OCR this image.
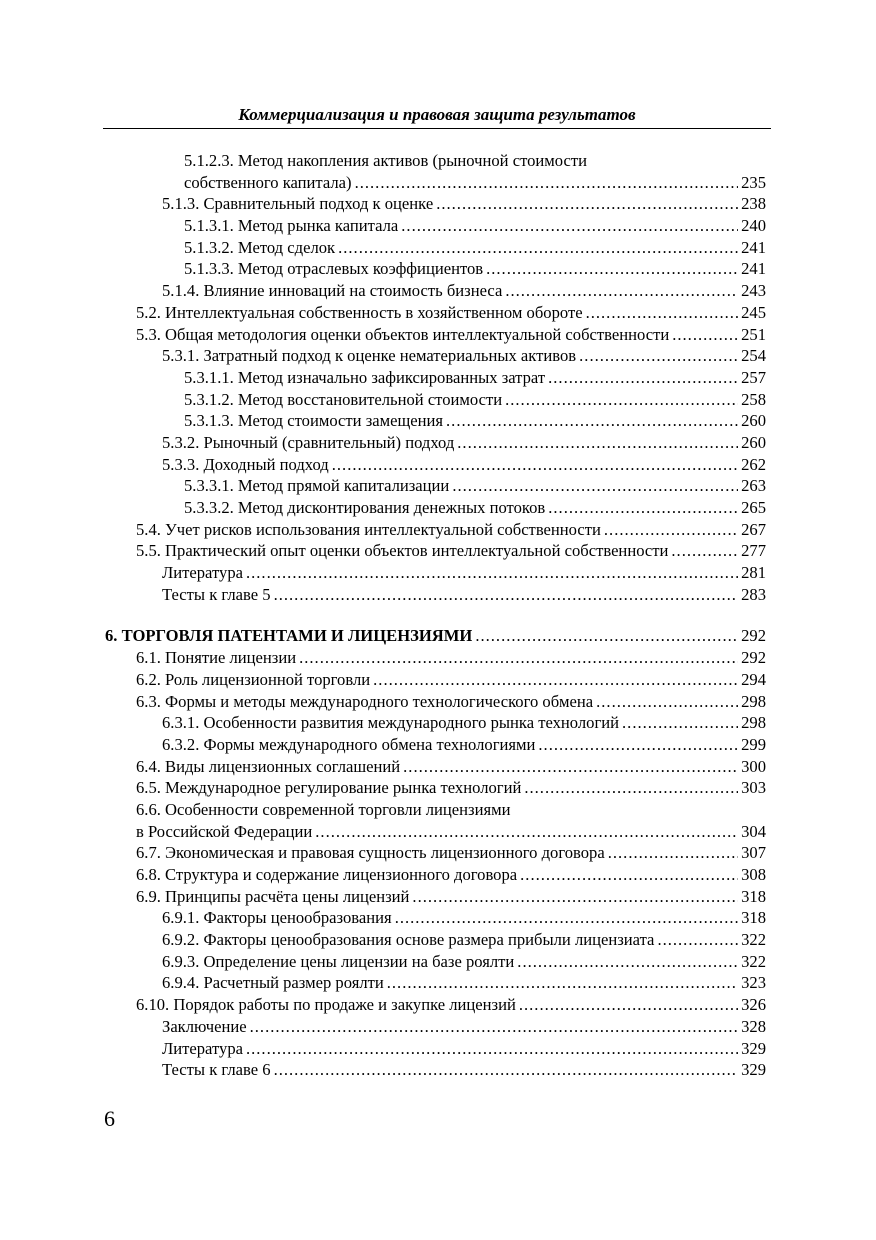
Коммерциализация и правовая защита результатов
5.1.2.3. Метод накопления активов (рыночной стоимости
собственного капитала) .....	235
5.1.3. Сравнительный подход к оценке .....	238
5.1.3.1. Метод рынка капитала .....	240
5.1.3.2. Метод сделок .....	241
5.1.3.3. Метод отраслевых коэффициентов .....	241
5.1.4. Влияние инноваций на стоимость бизнеса .....	243
5.2. Интеллектуальная собственность в хозяйственном обороте .....	245
5.3. Общая методология оценки объектов интеллектуальной собственности .....	251
5.3.1. Затратный подход к оценке нематериальных активов .....	254
5.3.1.1. Метод изначально зафиксированных затрат .....	257
5.3.1.2. Метод восстановительной стоимости .....	258
5.3.1.3. Метод стоимости замещения .....	260
5.3.2. Рыночный (сравнительный) подход .....	260
5.3.3. Доходный подход .....	262
5.3.3.1. Метод прямой капитализации .....	263
5.3.3.2. Метод дисконтирования денежных потоков .....	265
5.4. Учет рисков использования интеллектуальной собственности .....	267
5.5. Практический опыт оценки объектов интеллектуальной собственности .....	277
Литература .....	281
Тесты к главе 5 .....	283
6. ТОРГОВЛЯ ПАТЕНТАМИ И ЛИЦЕНЗИЯМИ .....	292
6.1. Понятие лицензии .....	292
6.2. Роль лицензионной торговли .....	294
6.3. Формы и методы международного технологического обмена .....	298
6.3.1. Особенности развития международного рынка технологий .....	298
6.3.2. Формы международного обмена технологиями .....	299
6.4. Виды лицензионных соглашений .....	300
6.5. Международное регулирование рынка технологий .....	303
6.6. Особенности современной торговли лицензиями
в Российской Федерации .....	304
6.7. Экономическая и правовая сущность лицензионного договора .....	307
6.8. Структура и содержание лицензионного договора .....	308
6.9. Принципы расчёта цены лицензий .....	318
6.9.1. Факторы ценообразования .....	318
6.9.2. Факторы ценообразования основе размера прибыли лицензиата .....	322
6.9.3. Определение цены лицензии на базе роялти .....	322
6.9.4. Расчетный размер роялти .....	323
6.10. Порядок работы по продаже и закупке лицензий .....	326
Заключение .....	328
Литература .....	329
Тесты к главе 6 .....	329
6
